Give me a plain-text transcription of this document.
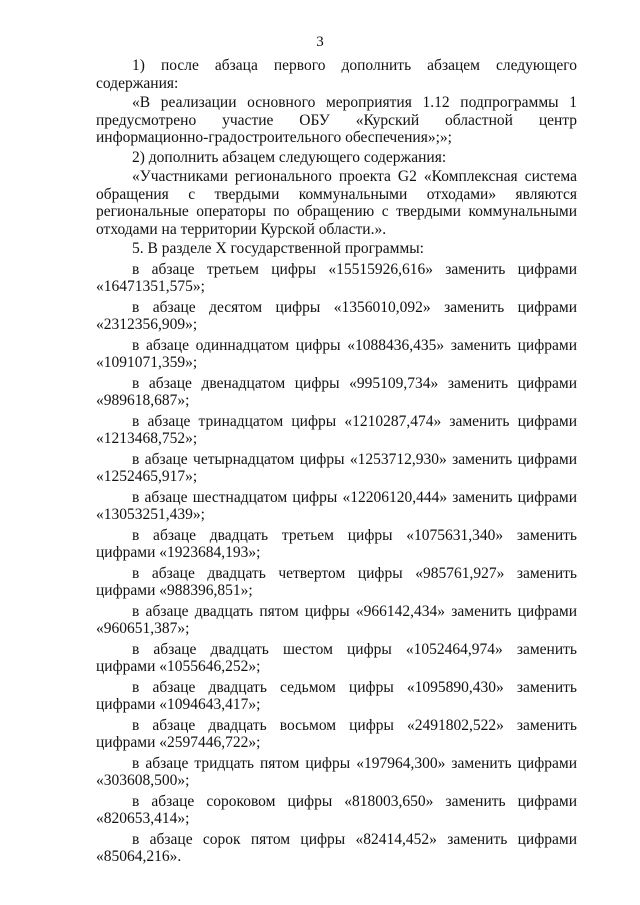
3

1) после абзаца первого дополнить абзацем следующего содержания:

«В реализации основного мероприятия 1.12 подпрограммы 1 предусмотрено участие ОБУ «Курский областной центр информационно-градостроительного обеспечения»;»;

2) дополнить абзацем следующего содержания:

«Участниками регионального проекта G2 «Комплексная система обращения с твердыми коммунальными отходами» являются региональные операторы по обращению с твердыми коммунальными отходами на территории Курской области.».

5. В разделе X государственной программы:

в абзаце третьем цифры «15515926,616» заменить цифрами «16471351,575»;

в абзаце десятом цифры «1356010,092» заменить цифрами «2312356,909»;

в абзаце одиннадцатом цифры «1088436,435» заменить цифрами «1091071,359»;

в абзаце двенадцатом цифры «995109,734» заменить цифрами «989618,687»;

в абзаце тринадцатом цифры «1210287,474» заменить цифрами «1213468,752»;

в абзаце четырнадцатом цифры «1253712,930» заменить цифрами «1252465,917»;

в абзаце шестнадцатом цифры «12206120,444» заменить цифрами «13053251,439»;

в абзаце двадцать третьем цифры «1075631,340» заменить цифрами «1923684,193»;

в абзаце двадцать четвертом цифры «985761,927» заменить цифрами «988396,851»;

в абзаце двадцать пятом цифры «966142,434» заменить цифрами «960651,387»;

в абзаце двадцать шестом цифры «1052464,974» заменить цифрами «1055646,252»;

в абзаце двадцать седьмом цифры «1095890,430» заменить цифрами «1094643,417»;

в абзаце двадцать восьмом цифры «2491802,522» заменить цифрами «2597446,722»;

в абзаце тридцать пятом цифры «197964,300» заменить цифрами «303608,500»;

в абзаце сороковом цифры «818003,650» заменить цифрами «820653,414»;

в абзаце сорок пятом цифры «82414,452» заменить цифрами «85064,216».
